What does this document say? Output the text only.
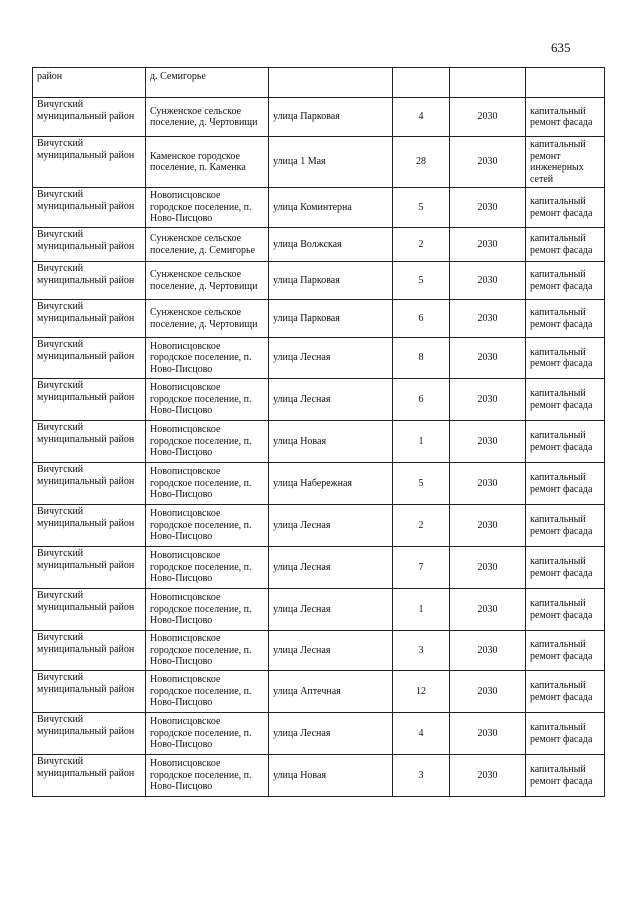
635
район	д. Семигорье				
Вичугский муниципальный район	Сунженское сельское поселение, д. Чертовищи	улица Парковая	4	2030	капитальный ремонт фасада
Вичугский муниципальный район	Каменское городское поселение, п. Каменка	улица 1 Мая	28	2030	капитальный ремонт инженерных сетей
Вичугский муниципальный район	Новописцовское городское поселение, п. Ново-Писцово	улица Коминтерна	5	2030	капитальный ремонт фасада
Вичугский муниципальный район	Сунженское сельское поселение, д. Семигорье	улица Волжская	2	2030	капитальный ремонт фасада
Вичугский муниципальный район	Сунженское сельское поселение, д. Чертовищи	улица Парковая	5	2030	капитальный ремонт фасада
Вичугский муниципальный район	Сунженское сельское поселение, д. Чертовищи	улица Парковая	6	2030	капитальный ремонт фасада
Вичугский муниципальный район	Новописцовское городское поселение, п. Ново-Писцово	улица Лесная	8	2030	капитальный ремонт фасада
Вичугский муниципальный район	Новописцовское городское поселение, п. Ново-Писцово	улица Лесная	6	2030	капитальный ремонт фасада
Вичугский муниципальный район	Новописцовское городское поселение, п. Ново-Писцово	улица Новая	1	2030	капитальный ремонт фасада
Вичугский муниципальный район	Новописцовское городское поселение, п. Ново-Писцово	улица Набережная	5	2030	капитальный ремонт фасада
Вичугский муниципальный район	Новописцовское городское поселение, п. Ново-Писцово	улица Лесная	2	2030	капитальный ремонт фасада
Вичугский муниципальный район	Новописцовское городское поселение, п. Ново-Писцово	улица Лесная	7	2030	капитальный ремонт фасада
Вичугский муниципальный район	Новописцовское городское поселение, п. Ново-Писцово	улица Лесная	1	2030	капитальный ремонт фасада
Вичугский муниципальный район	Новописцовское городское поселение, п. Ново-Писцово	улица Лесная	3	2030	капитальный ремонт фасада
Вичугский муниципальный район	Новописцовское городское поселение, п. Ново-Писцово	улица Аптечная	12	2030	капитальный ремонт фасада
Вичугский муниципальный район	Новописцовское городское поселение, п. Ново-Писцово	улица Лесная	4	2030	капитальный ремонт фасада
Вичугский муниципальный район	Новописцовское городское поселение, п. Ново-Писцово	улица Новая	3	2030	капитальный ремонт фасада
